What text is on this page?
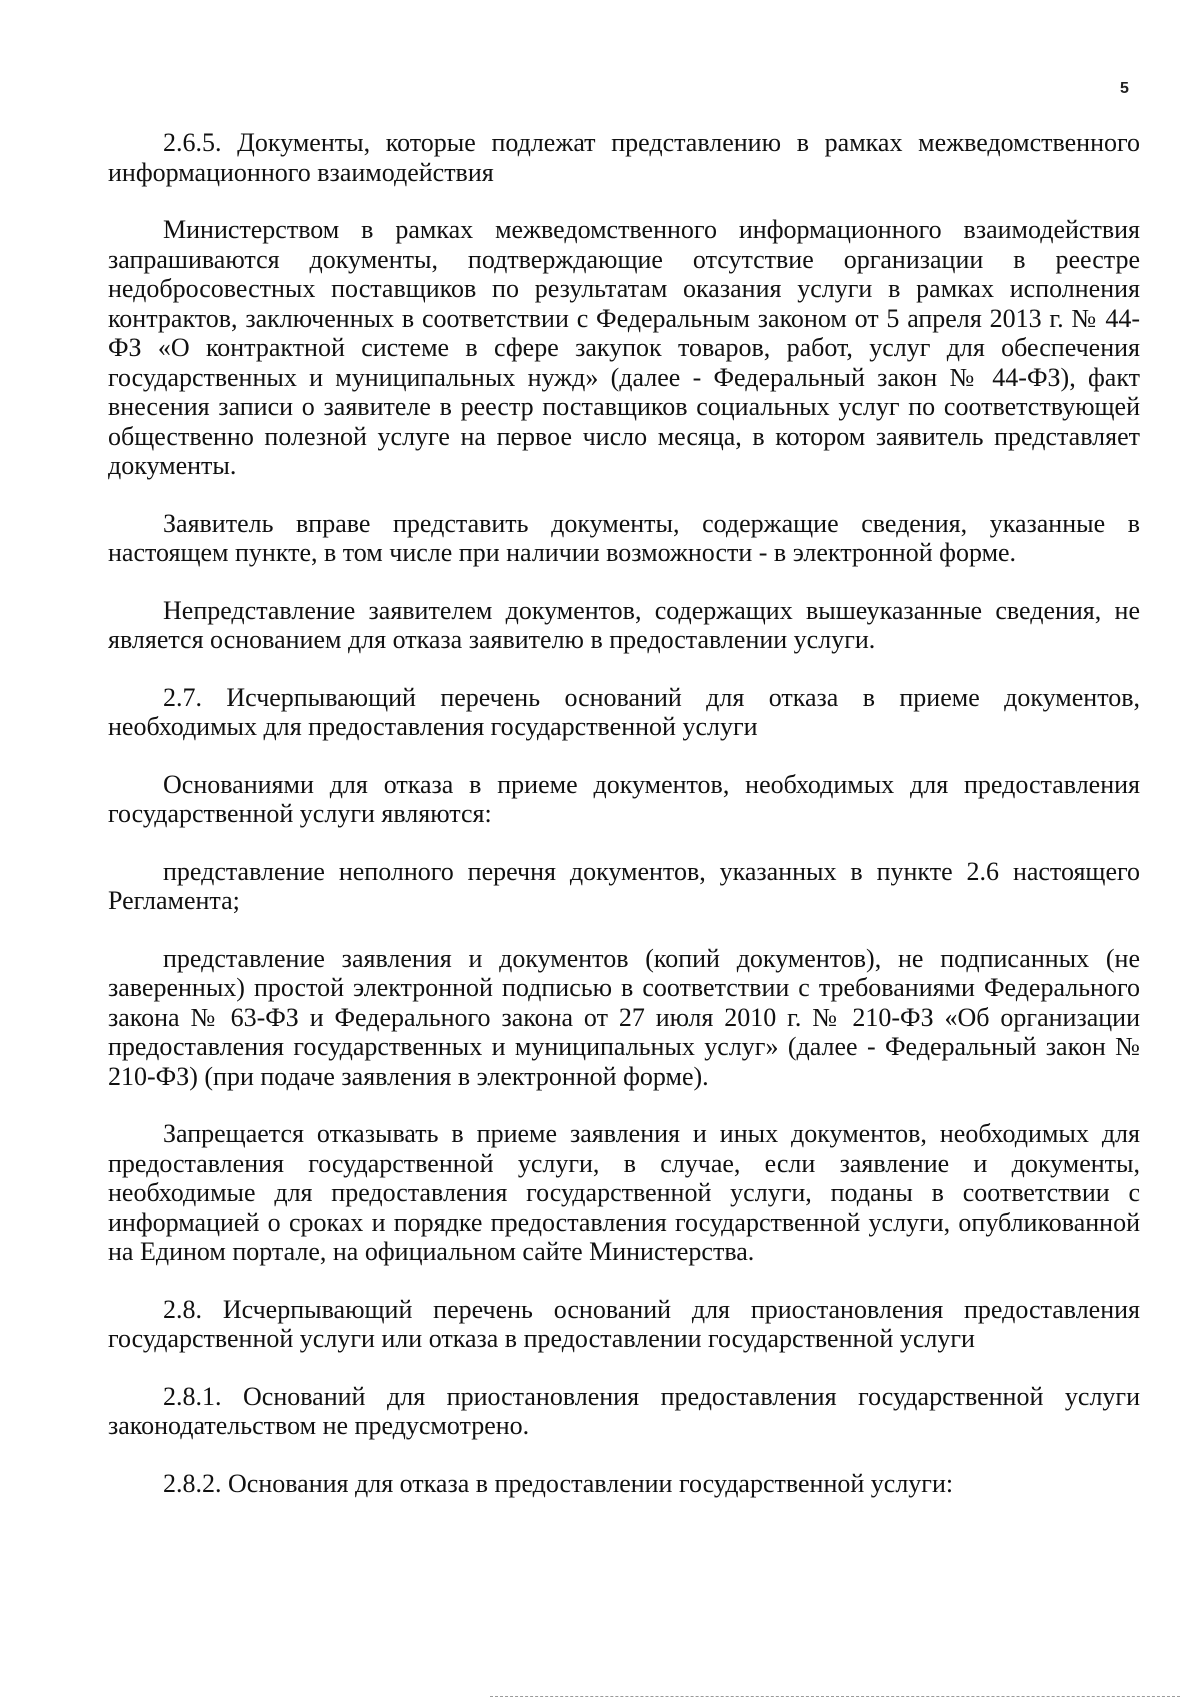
5

2.6.5. Документы, которые подлежат представлению в рамках межведомственного информационного взаимодействия

Министерством в рамках межведомственного информационного взаимодействия запрашиваются документы, подтверждающие отсутствие организации в реестре недобросовестных поставщиков по результатам оказания услуги в рамках исполнения контрактов, заключенных в соответствии с Федеральным законом от 5 апреля 2013 г. № 44-ФЗ «О контрактной системе в сфере закупок товаров, работ, услуг для обеспечения государственных и муниципальных нужд» (далее - Федеральный закон № 44-ФЗ), факт внесения записи о заявителе в реестр поставщиков социальных услуг по соответствующей общественно полезной услуге на первое число месяца, в котором заявитель представляет документы.

Заявитель вправе представить документы, содержащие сведения, указанные в настоящем пункте, в том числе при наличии возможности - в электронной форме.

Непредставление заявителем документов, содержащих вышеуказанные сведения, не является основанием для отказа заявителю в предоставлении услуги.

2.7. Исчерпывающий перечень оснований для отказа в приеме документов, необходимых для предоставления государственной услуги

Основаниями для отказа в приеме документов, необходимых для предоставления государственной услуги являются:

представление неполного перечня документов, указанных в пункте 2.6 настоящего Регламента;

представление заявления и документов (копий документов), не подписанных (не заверенных) простой электронной подписью в соответствии с требованиями Федерального закона № 63-ФЗ и Федерального закона от 27 июля 2010 г. № 210-ФЗ «Об организации предоставления государственных и муниципальных услуг» (далее - Федеральный закон № 210-ФЗ) (при подаче заявления в электронной форме).

Запрещается отказывать в приеме заявления и иных документов, необходимых для предоставления государственной услуги, в случае, если заявление и документы, необходимые для предоставления государственной услуги, поданы в соответствии с информацией о сроках и порядке предоставления государственной услуги, опубликованной на Едином портале, на официальном сайте Министерства.

2.8. Исчерпывающий перечень оснований для приостановления предоставления государственной услуги или отказа в предоставлении государственной услуги

2.8.1. Оснований для приостановления предоставления государственной услуги законодательством не предусмотрено.

2.8.2. Основания для отказа в предоставлении государственной услуги:
